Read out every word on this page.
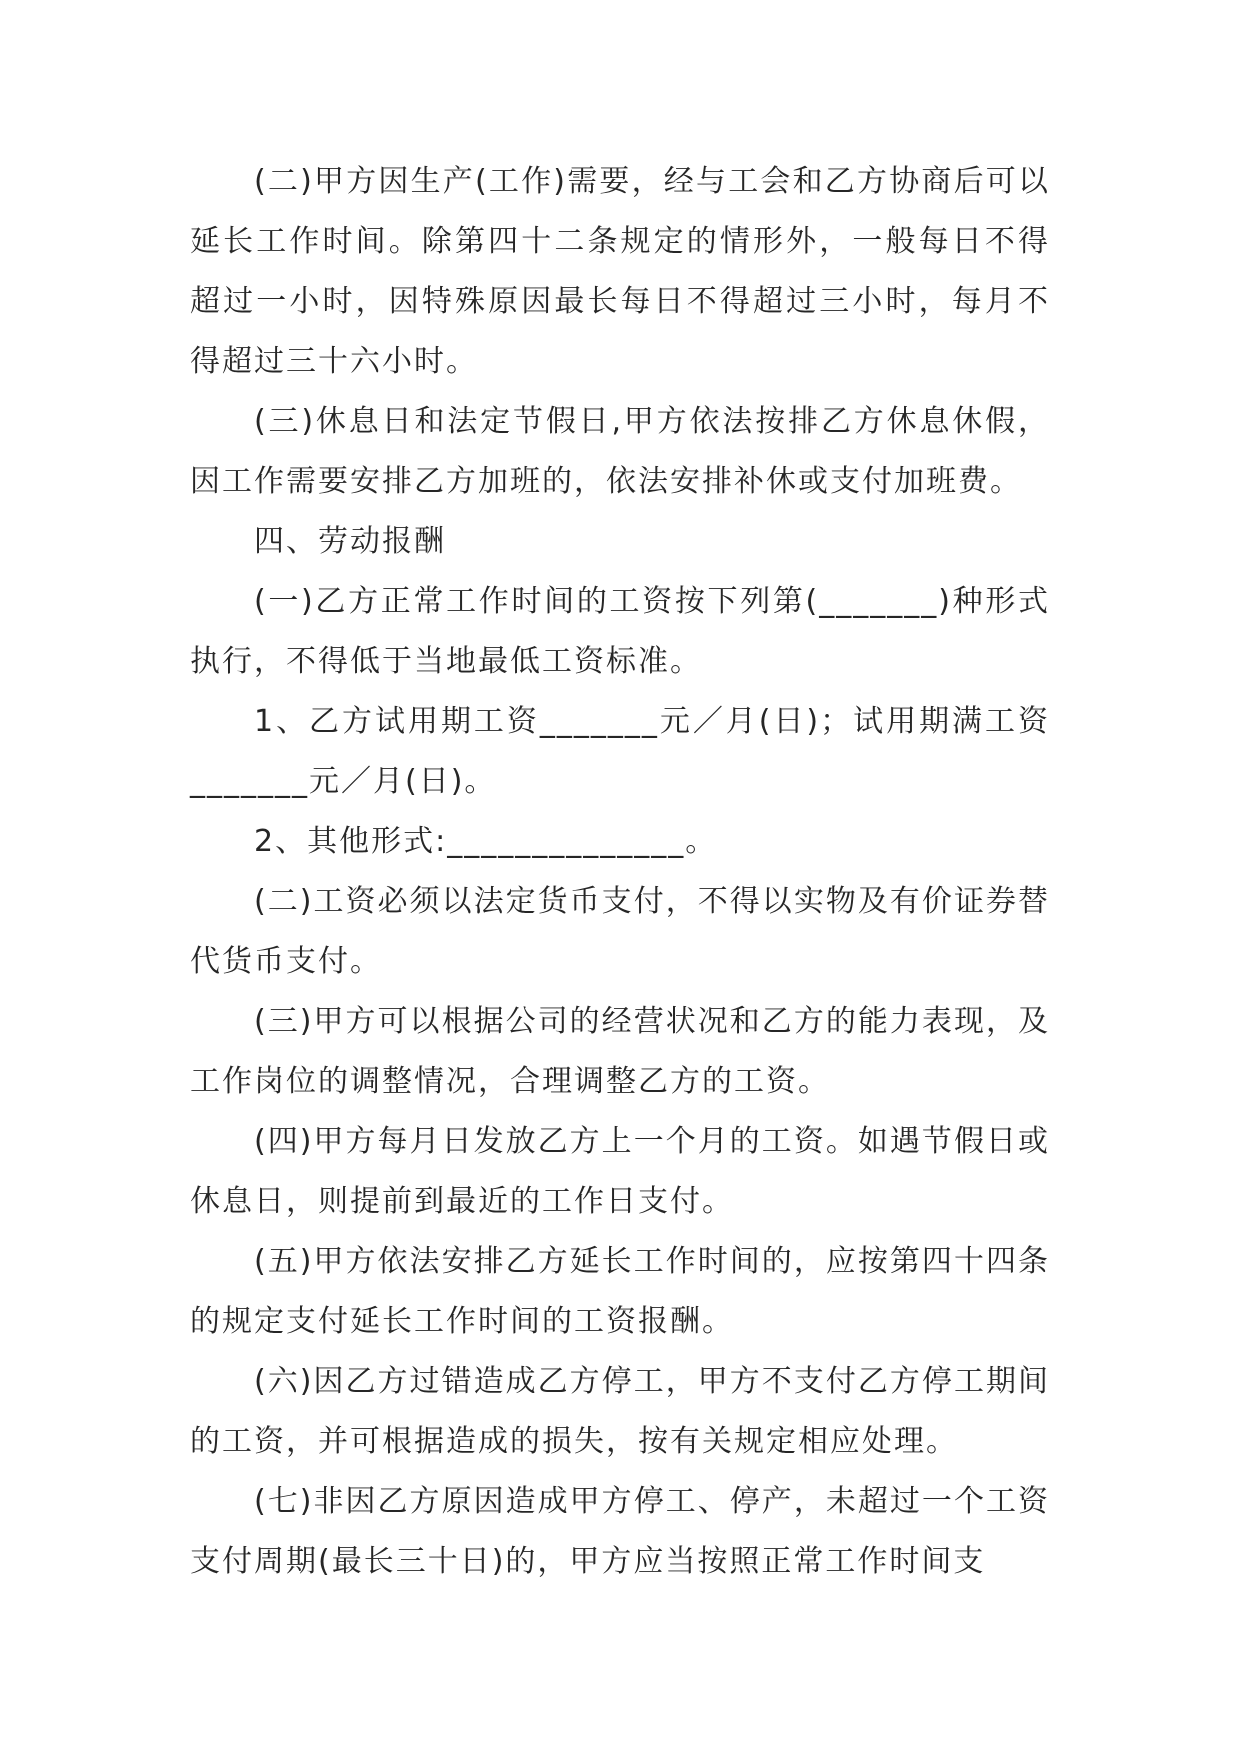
(二)甲方因生产(工作)需要，经与工会和乙方协商后可以延长工作时间。除第四十二条规定的情形外，一般每日不得超过一小时，因特殊原因最长每日不得超过三小时，每月不得超过三十六小时。

(三)休息日和法定节假日,甲方依法按排乙方休息休假，因工作需要安排乙方加班的，依法安排补休或支付加班费。

四、劳动报酬

(一)乙方正常工作时间的工资按下列第(_______)种形式执行，不得低于当地最低工资标准。

1、乙方试用期工资_______元／月(日)；试用期满工资_______元／月(日)。

2、其他形式:______________。

(二)工资必须以法定货币支付，不得以实物及有价证券替代货币支付。

(三)甲方可以根据公司的经营状况和乙方的能力表现，及工作岗位的调整情况，合理调整乙方的工资。

(四)甲方每月日发放乙方上一个月的工资。如遇节假日或休息日，则提前到最近的工作日支付。

(五)甲方依法安排乙方延长工作时间的，应按第四十四条的规定支付延长工作时间的工资报酬。

(六)因乙方过错造成乙方停工，甲方不支付乙方停工期间的工资，并可根据造成的损失，按有关规定相应处理。

(七)非因乙方原因造成甲方停工、停产，未超过一个工资支付周期(最长三十日)的，甲方应当按照正常工作时间支
